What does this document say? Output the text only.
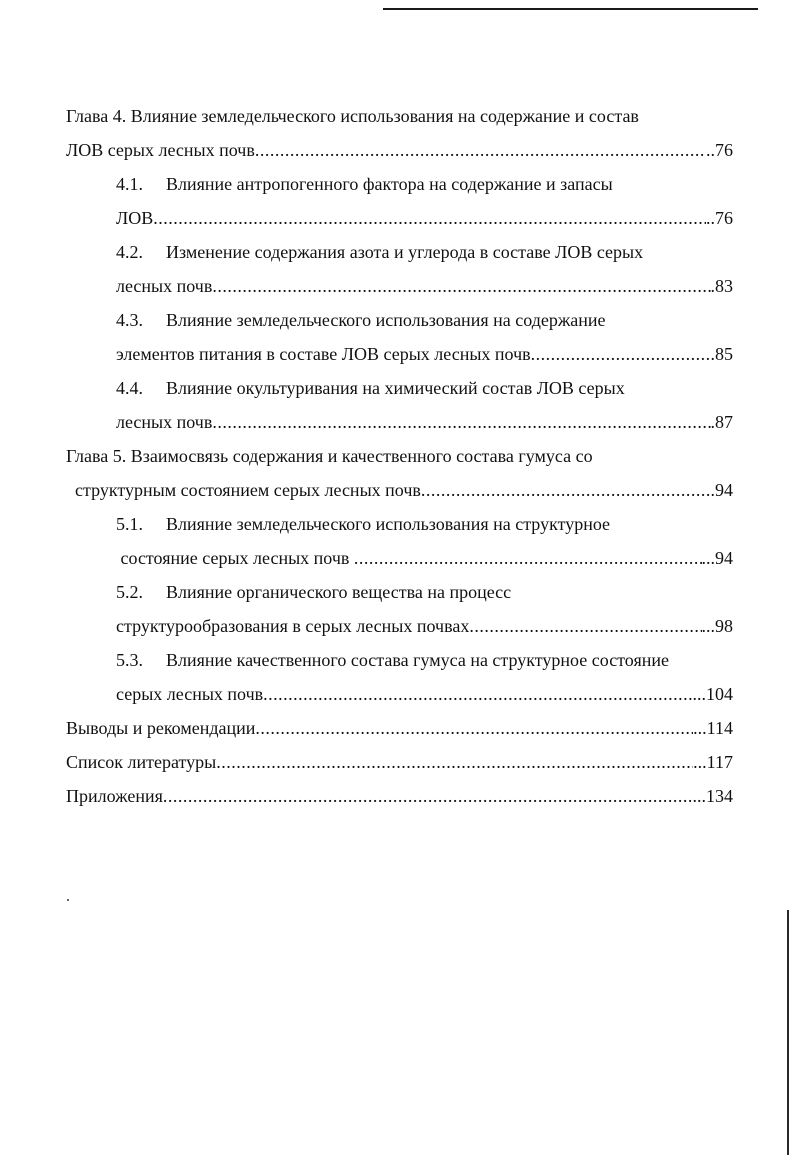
Глава 4. Влияние земледельческого использования на содержание и состав
ЛОВ серых лесных почв .....	..76
4.1. Влияние антропогенного фактора на содержание и запасы
ЛОВ .....	..76
4.2. Изменение содержания азота и углерода в составе ЛОВ серых
лесных почв .....	.83
4.3. Влияние земледельческого использования на содержание
элементов питания в составе ЛОВ серых лесных почв .....	.85
4.4. Влияние окультуривания на химический состав ЛОВ серых
лесных почв .....	.87
Глава 5. Взаимосвязь содержания и качественного состава гумуса со
структурным состоянием серых лесных почв .....	.94
5.1. Влияние земледельческого использования на структурное
состояние серых лесных почв .....	...94
5.2. Влияние органического вещества на процесс
структурообразования в серых лесных почвах .....	...98
5.3. Влияние качественного состава гумуса на структурное состояние
серых лесных почв .....	...104
Выводы и рекомендации .....	...114
Список литературы .....	...117
Приложения .....	...134
